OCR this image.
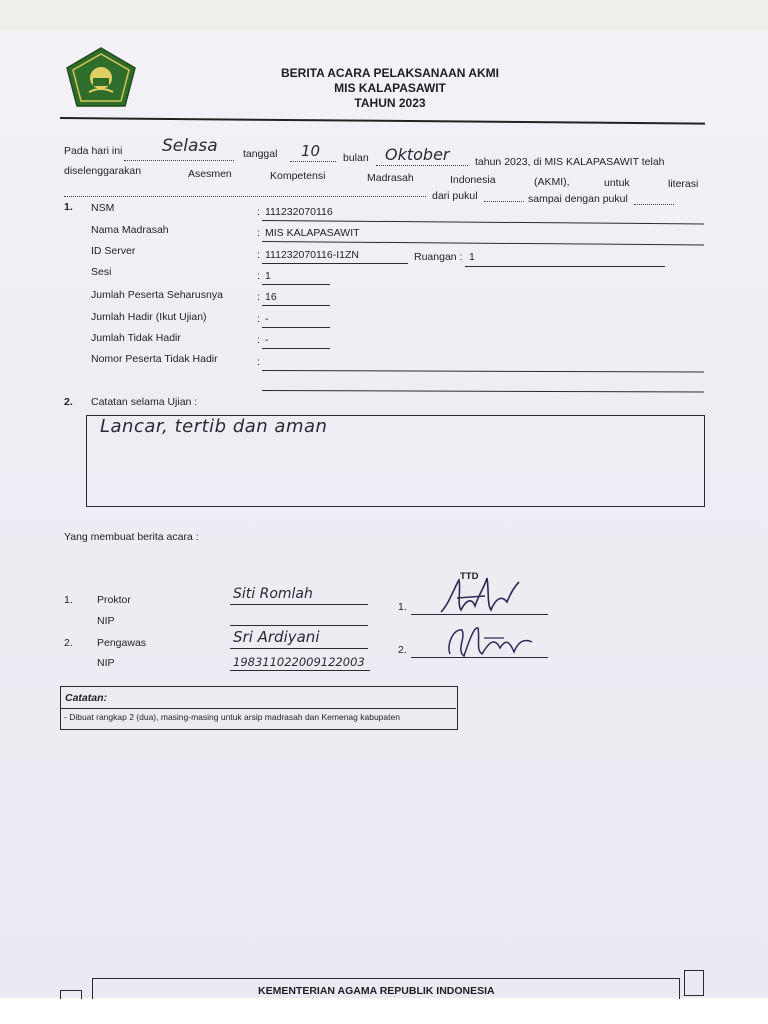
BERITA ACARA PELAKSANAAN AKMI
MIS KALAPASAWIT
TAHUN 2023
Pada hari ini Selasa tanggal 10 bulan Oktober tahun 2023, di MIS KALAPASAWIT telah
diselenggarakan	Asesmen	Kompetensi	Madrasah	Indonesia	(AKMI),	untuk	literasi
dari pukul	sampai dengan pukul
1. NSM	: 111232070116
Nama Madrasah	: MIS KALAPASAWIT
ID Server	: 111232070116-I1ZN	Ruangan : 1
Sesi	: 1
Jumlah Peserta Seharusnya	: 16
Jumlah Hadir (Ikut Ujian)	: -
Jumlah Tidak Hadir	: -
Nomor Peserta Tidak Hadir	:
2. Catatan selama Ujian :
Lancar, tertib dan aman
Yang membuat berita acara :
TTD
1. Proktor	Siti Romlah
NIP
2. Pengawas	Sri Ardiyani
NIP	198311022009122003
1.
2.
Catatan:
- Dibuat rangkap 2 (dua), masing-masing untuk arsip madrasah dan Kemenag kabupaten
KEMENTERIAN AGAMA REPUBLIK INDONESIA
